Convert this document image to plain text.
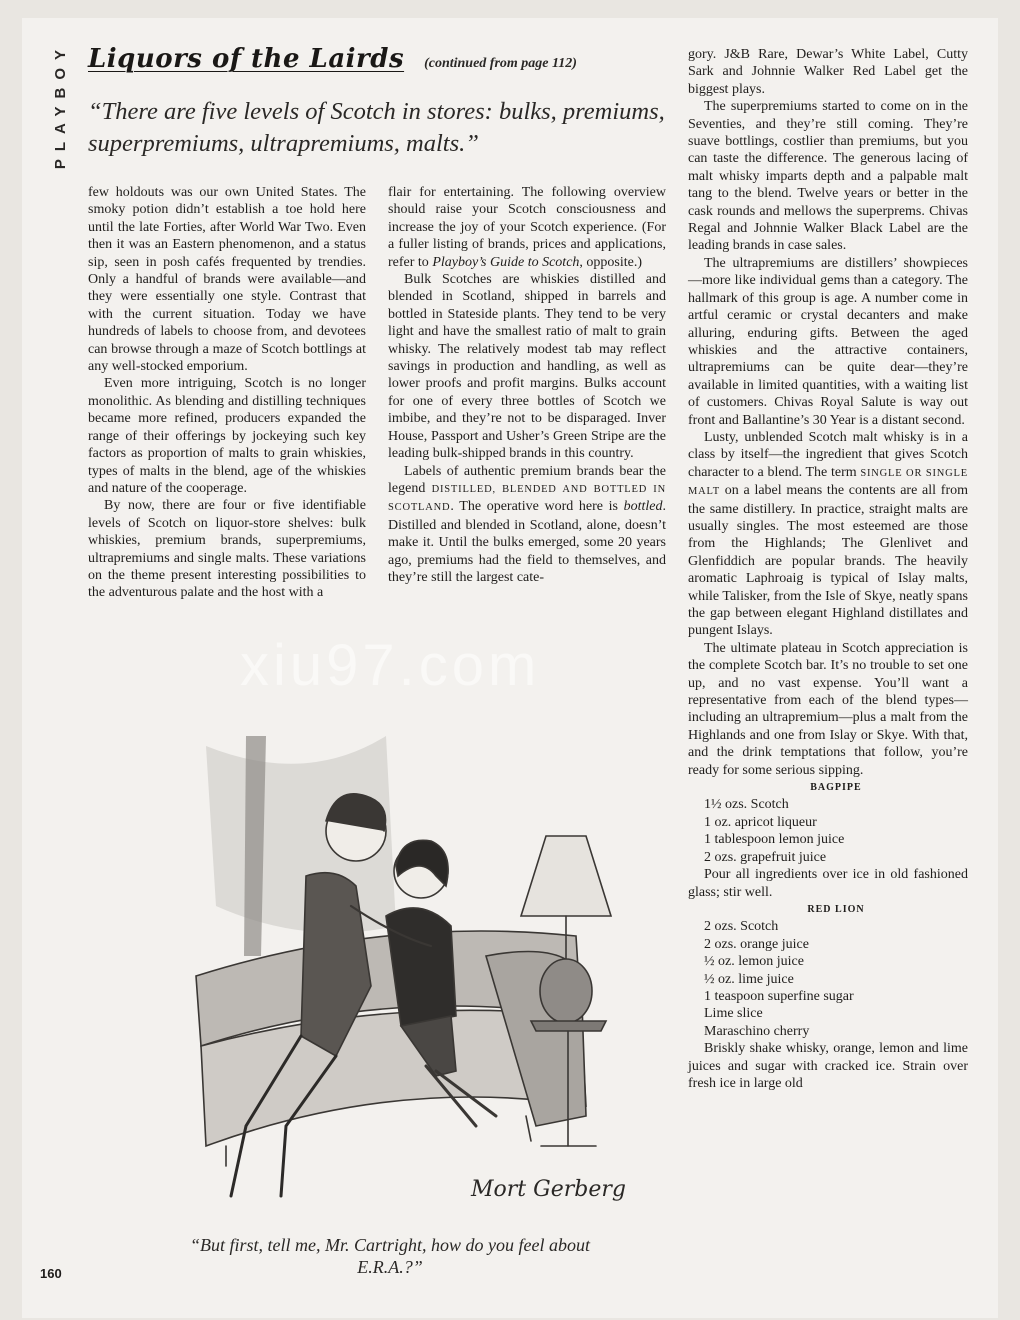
PLAYBOY Liquors of the Lairds (continued from page 112)
“There are five levels of Scotch in stores: bulks, premiums, superpremiums, ultrapremiums, malts.”

few holdouts was our own United States. The smoky potion didn’t establish a toe hold here until the late Forties, after World War Two. Even then it was an Eastern phenomenon, and a status sip, seen in posh cafés frequented by trendies. Only a handful of brands were available—and they were essentially one style. Contrast that with the current situation. Today we have hundreds of labels to choose from, and devotees can browse through a maze of Scotch bottlings at any well-stocked emporium.

Even more intriguing, Scotch is no longer monolithic. As blending and distilling techniques became more refined, producers expanded the range of their offerings by jockeying such key factors as proportion of malts to grain whiskies, types of malts in the blend, age of the whiskies and nature of the cooperage.

By now, there are four or five identifiable levels of Scotch on liquor-store shelves: bulk whiskies, premium brands, superpremiums, ultrapremiums and single malts. These variations on the theme present interesting possibilities to the adventurous palate and the host with a

flair for entertaining. The following overview should raise your Scotch consciousness and increase the joy of your Scotch experience. (For a fuller listing of brands, prices and applications, refer to Playboy’s Guide to Scotch, opposite.)

Bulk Scotches are whiskies distilled and blended in Scotland, shipped in barrels and bottled in Stateside plants. They tend to be very light and have the smallest ratio of malt to grain whisky. The relatively modest tab may reflect savings in production and handling, as well as lower proofs and profit margins. Bulks account for one of every three bottles of Scotch we imbibe, and they’re not to be disparaged. Inver House, Passport and Usher’s Green Stripe are the leading bulk-shipped brands in this country.

Labels of authentic premium brands bear the legend DISTILLED, BLENDED AND BOTTLED IN SCOTLAND. The operative word here is bottled. Distilled and blended in Scotland, alone, doesn’t make it. Until the bulks emerged, some 20 years ago, premiums had the field to themselves, and they’re still the largest cate-

gory. J&B Rare, Dewar’s White Label, Cutty Sark and Johnnie Walker Red Label get the biggest plays.

The superpremiums started to come on in the Seventies, and they’re still coming. They’re suave bottlings, costlier than premiums, but you can taste the difference. The generous lacing of malt whisky imparts depth and a palpable malt tang to the blend. Twelve years or better in the cask rounds and mellows the superprems. Chivas Regal and Johnnie Walker Black Label are the leading brands in case sales.

The ultrapremiums are distillers’ showpieces—more like individual gems than a category. The hallmark of this group is age. A number come in artful ceramic or crystal decanters and make alluring, enduring gifts. Between the aged whiskies and the attractive containers, ultrapremiums can be quite dear—they’re available in limited quantities, with a waiting list of customers. Chivas Royal Salute is way out front and Ballantine’s 30 Year is a distant second.

Lusty, unblended Scotch malt whisky is in a class by itself—the ingredient that gives Scotch character to a blend. The term SINGLE OR SINGLE MALT on a label means the contents are all from the same distillery. In practice, straight malts are usually singles. The most esteemed are those from the Highlands; The Glenlivet and Glenfiddich are popular brands. The heavily aromatic Laphroaig is typical of Islay malts, while Talisker, from the Isle of Skye, neatly spans the gap between elegant Highland distillates and pungent Islays.

The ultimate plateau in Scotch appreciation is the complete Scotch bar. It’s no trouble to set one up, and no vast expense. You’ll want a representative from each of the blend types—including an ultrapremium—plus a malt from the Highlands and one from Islay or Skye. With that, and the drink temptations that follow, you’re ready for some serious sipping.

BAGPIPE

1½ ozs. Scotch
1 oz. apricot liqueur
1 tablespoon lemon juice
2 ozs. grapefruit juice

Pour all ingredients over ice in old fashioned glass; stir well.

RED LION

2 ozs. Scotch
2 ozs. orange juice
½ oz. lemon juice
½ oz. lime juice
1 teaspoon superfine sugar
Lime slice
Maraschino cherry

Briskly shake whisky, orange, lemon and lime juices and sugar with cracked ice. Strain over fresh ice in large old

Mort Gerberg
“But first, tell me, Mr. Cartright, how do you feel about E.R.A.?”
160
xiu97.com
